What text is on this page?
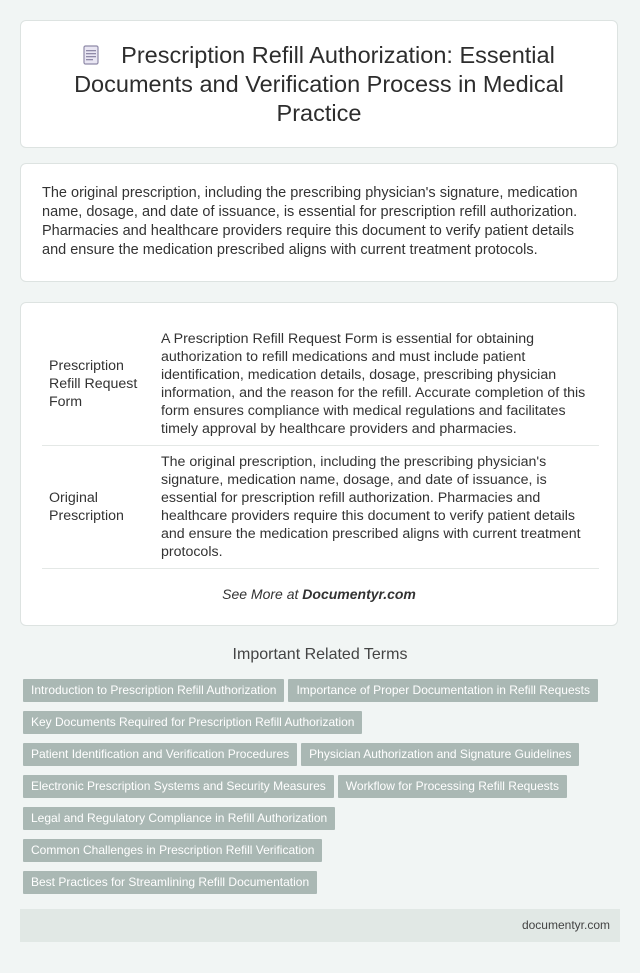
Prescription Refill Authorization: Essential Documents and Verification Process in Medical Practice

The original prescription, including the prescribing physician's signature, medication name, dosage, and date of issuance, is essential for prescription refill authorization. Pharmacies and healthcare providers require this document to verify patient details and ensure the medication prescribed aligns with current treatment protocols.

Prescription Refill Request Form	A Prescription Refill Request Form is essential for obtaining authorization to refill medications and must include patient identification, medication details, dosage, prescribing physician information, and the reason for the refill. Accurate completion of this form ensures compliance with medical regulations and facilitates timely approval by healthcare providers and pharmacies.
Original Prescription	The original prescription, including the prescribing physician's signature, medication name, dosage, and date of issuance, is essential for prescription refill authorization. Pharmacies and healthcare providers require this document to verify patient details and ensure the medication prescribed aligns with current treatment protocols.
See More at Documentyr.com
Important Related Terms
Introduction to Prescription Refill Authorization Importance of Proper Documentation in Refill Requests
Key Documents Required for Prescription Refill Authorization
Patient Identification and Verification Procedures Physician Authorization and Signature Guidelines
Electronic Prescription Systems and Security Measures Workflow for Processing Refill Requests
Legal and Regulatory Compliance in Refill Authorization
Common Challenges in Prescription Refill Verification
Best Practices for Streamlining Refill Documentation
documentyr.com
